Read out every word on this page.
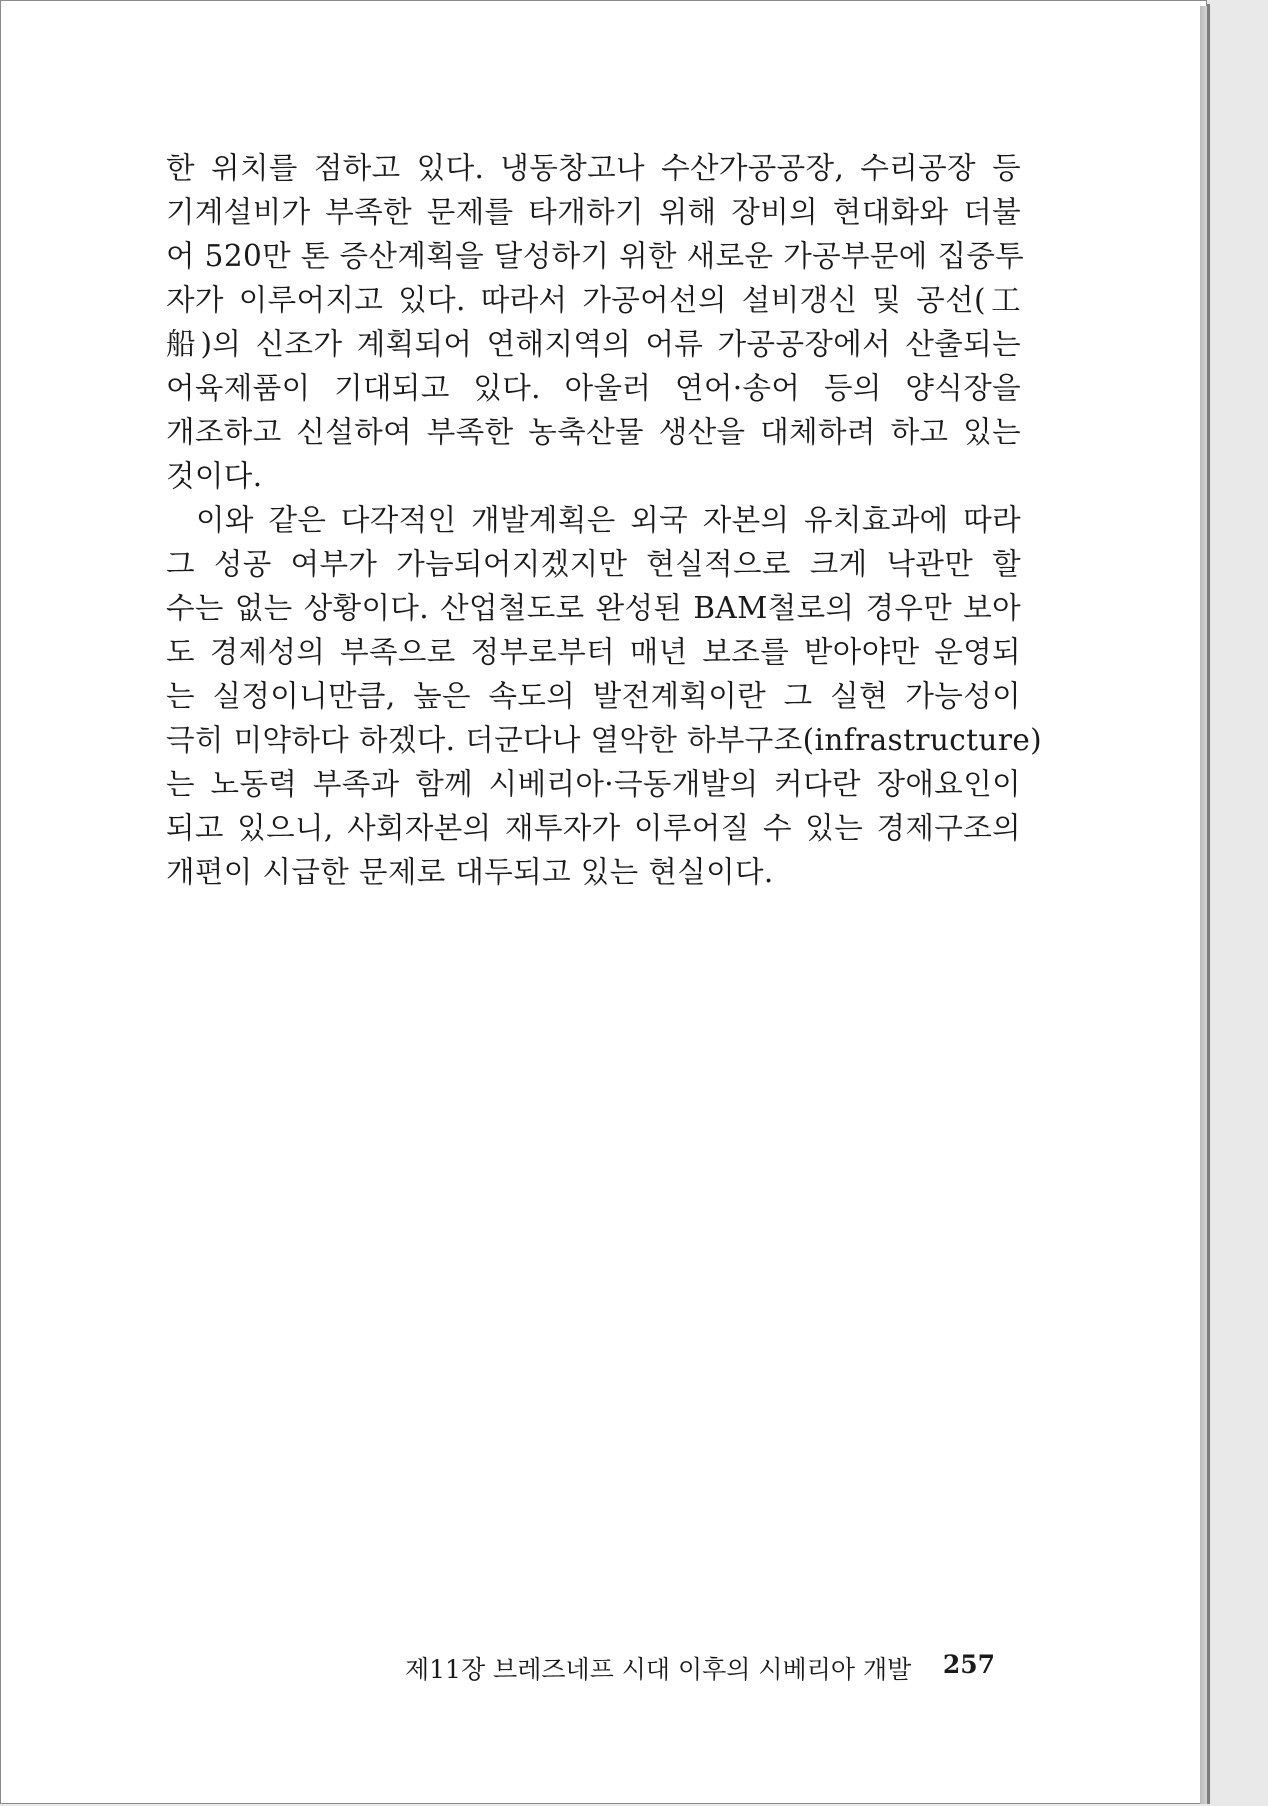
한 위치를 점하고 있다. 냉동창고나 수산가공공장, 수리공장 등
기계설비가 부족한 문제를 타개하기 위해 장비의 현대화와 더불
어 520만 톤 증산계획을 달성하기 위한 새로운 가공부문에 집중투
자가 이루어지고 있다. 따라서 가공어선의 설비갱신 및 공선(工
船)의 신조가 계획되어 연해지역의 어류 가공공장에서 산출되는
어육제품이 기대되고 있다. 아울러 연어·송어 등의 양식장을
개조하고 신설하여 부족한 농축산물 생산을 대체하려 하고 있는
것이다.
이와 같은 다각적인 개발계획은 외국 자본의 유치효과에 따라
그 성공 여부가 가늠되어지겠지만 현실적으로 크게 낙관만 할
수는 없는 상황이다. 산업철도로 완성된 BAM철로의 경우만 보아
도 경제성의 부족으로 정부로부터 매년 보조를 받아야만 운영되
는 실정이니만큼, 높은 속도의 발전계획이란 그 실현 가능성이
극히 미약하다 하겠다. 더군다나 열악한 하부구조(infrastructure)
는 노동력 부족과 함께 시베리아·극동개발의 커다란 장애요인이
되고 있으니, 사회자본의 재투자가 이루어질 수 있는 경제구조의
개편이 시급한 문제로 대두되고 있는 현실이다.
제11장 브레즈네프 시대 이후의 시베리아 개발 257
